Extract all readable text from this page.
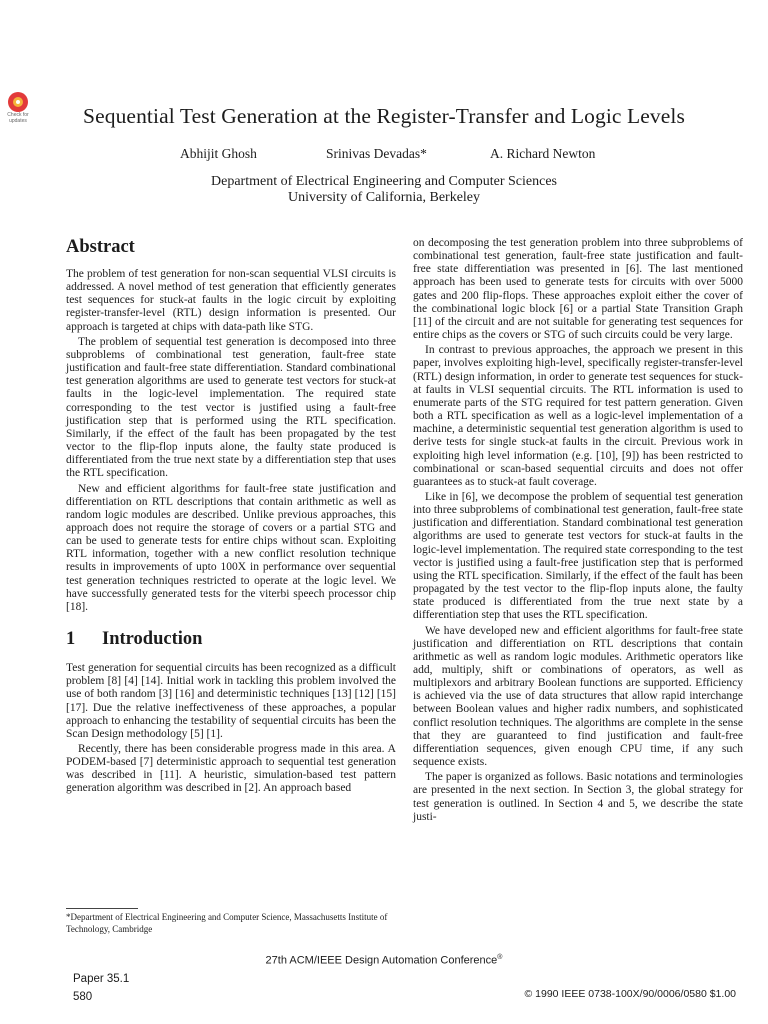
Check for updates	Sequential Test Generation at the Register-Transfer and Logic Levels

Abhijit Ghosh	Srinivas Devadas*	A. Richard Newton

Department of Electrical Engineering and Computer Sciences

University of California, Berkeley

Abstract

The problem of test generation for non-scan sequential VLSI circuits is addressed. A novel method of test generation that efficiently generates test sequences for stuck-at faults in the logic circuit by exploiting register-transfer-level (RTL) design information is presented. Our approach is targeted at chips with data-path like STG.

The problem of sequential test generation is decomposed into three subproblems of combinational test generation, fault-free state justification and fault-free state differentiation. Standard combinational test generation algorithms are used to generate test vectors for stuck-at faults in the logic-level implementation. The required state corresponding to the test vector is justified using a fault-free justification step that is performed using the RTL specification. Similarly, if the effect of the fault has been propagated by the test vector to the flip-flop inputs alone, the faulty state produced is differentiated from the true next state by a differentiation step that uses the RTL specification.

New and efficient algorithms for fault-free state justification and differentiation on RTL descriptions that contain arithmetic as well as random logic modules are described. Unlike previous approaches, this approach does not require the storage of covers or a partial STG and can be used to generate tests for entire chips without scan. Exploiting RTL information, together with a new conflict resolution technique results in improvements of upto 100X in performance over sequential test generation techniques restricted to operate at the logic level. We have successfully generated tests for the viterbi speech processor chip [18].

1 Introduction

Test generation for sequential circuits has been recognized as a difficult problem [8] [4] [14]. Initial work in tackling this problem involved the use of both random [3] [16] and deterministic techniques [13] [12] [15] [17]. Due the relative ineffectiveness of these approaches, a popular approach to enhancing the testability of sequential circuits has been the Scan Design methodology [5] [1].

Recently, there has been considerable progress made in this area. A PODEM-based [7] deterministic approach to sequential test generation was described in [11]. A heuristic, simulation-based test pattern generation algorithm was described in [2]. An approach based

*Department of Electrical Engineering and Computer Science, Massachusetts Institute of Technology, Cambridge

on decomposing the test generation problem into three subproblems of combinational test generation, fault-free state justification and fault-free state differentiation was presented in [6]. The last mentioned approach has been used to generate tests for circuits with over 5000 gates and 200 flip-flops. These approaches exploit either the cover of the combinational logic block [6] or a partial State Transition Graph [11] of the circuit and are not suitable for generating test sequences for entire chips as the covers or STG of such circuits could be very large.

In contrast to previous approaches, the approach we present in this paper, involves exploiting high-level, specifically register-transfer-level (RTL) design information, in order to generate test sequences for stuck-at faults in VLSI sequential circuits. The RTL information is used to enumerate parts of the STG required for test pattern generation. Given both a RTL specification as well as a logic-level implementation of a machine, a deterministic sequential test generation algorithm is used to derive tests for single stuck-at faults in the circuit. Previous work in exploiting high level information (e.g. [10], [9]) has been restricted to combinational or scan-based sequential circuits and does not offer guarantees as to stuck-at fault coverage.

Like in [6], we decompose the problem of sequential test generation into three subproblems of combinational test generation, fault-free state justification and differentiation. Standard combinational test generation algorithms are used to generate test vectors for stuck-at faults in the logic-level implementation. The required state corresponding to the test vector is justified using a fault-free justification step that is performed using the RTL specification. Similarly, if the effect of the fault has been propagated by the test vector to the flip-flop inputs alone, the faulty state produced is differentiated from the true next state by a differentiation step that uses the RTL specification.

We have developed new and efficient algorithms for fault-free state justification and differentiation on RTL descriptions that contain arithmetic as well as random logic modules. Arithmetic operators like add, multiply, shift or combinations of operators, as well as multiplexors and arbitrary Boolean functions are supported. Efficiency is achieved via the use of data structures that allow rapid interchange between Boolean values and higher radix numbers, and sophisticated conflict resolution techniques. The algorithms are complete in the sense that they are guaranteed to find justification and fault-free differentiation sequences, given enough CPU time, if any such sequence exists.

The paper is organized as follows. Basic notations and terminologies are presented in the next section. In Section 3, the global strategy for test generation is outlined. In Section 4 and 5, we describe the state justi-

27th ACM/IEEE Design Automation Conference®

Paper 35.1
580	© 1990 IEEE 0738-100X/90/0006/0580 $1.00
